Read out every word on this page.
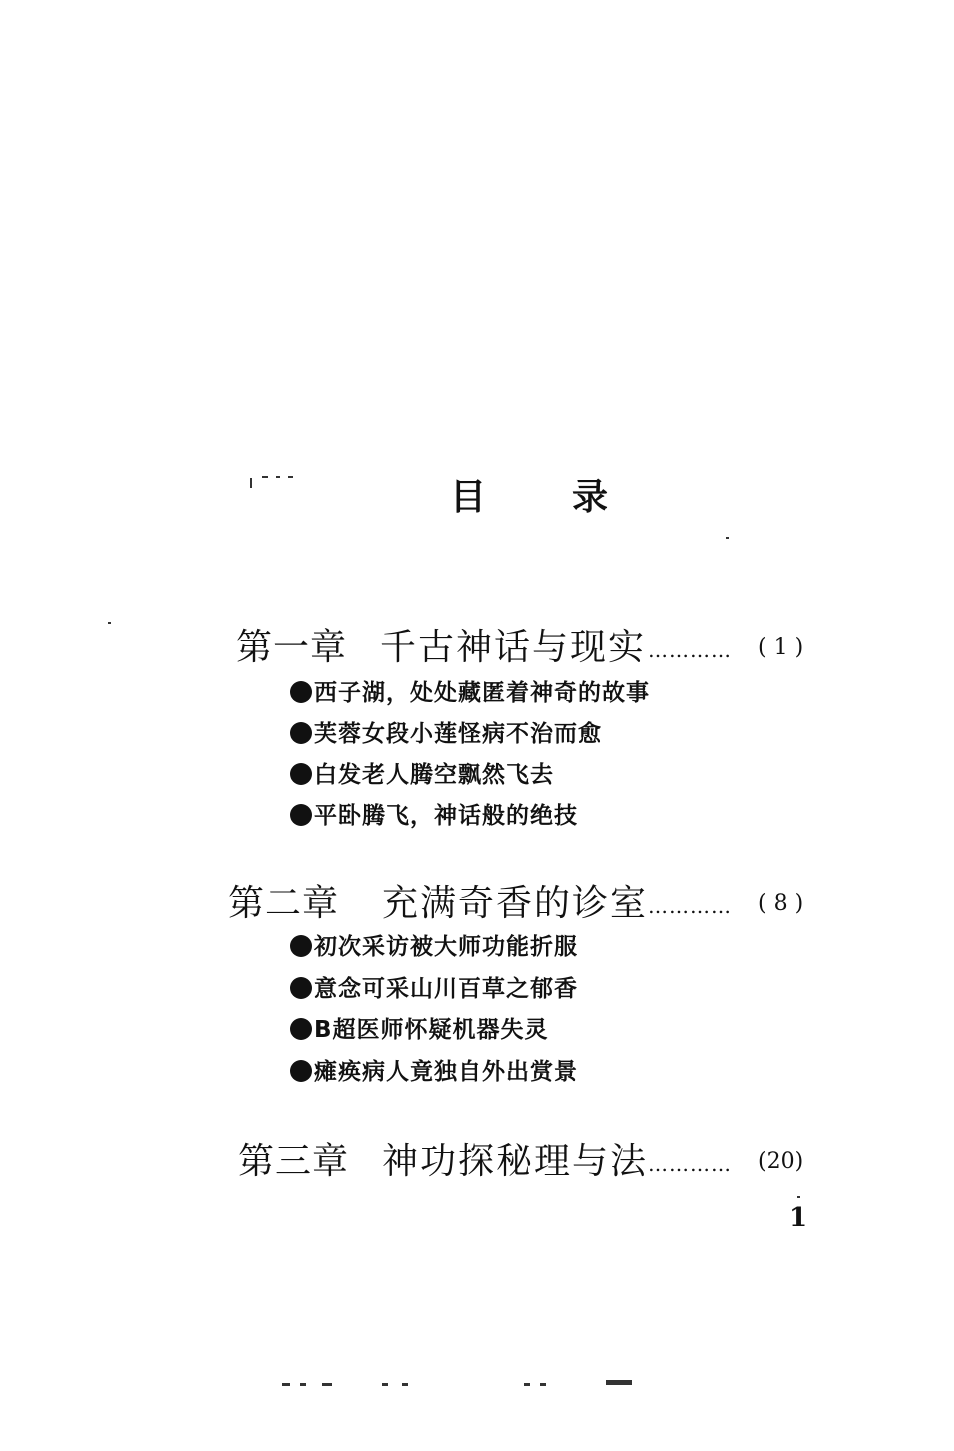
目 录
第一章 千古神话与现实 ………… ( 1 )
西子湖，处处藏匿着神奇的故事
芙蓉女段小莲怪病不治而愈
白发老人腾空飘然飞去
平卧腾飞，神话般的绝技
第二章 充满奇香的诊室 ………… ( 8 )
初次采访被大师功能折服
意念可采山川百草之郁香
B超医师怀疑机器失灵
瘫痪病人竟独自外出赏景
第三章 神功探秘理与法 ………… (20)
1
